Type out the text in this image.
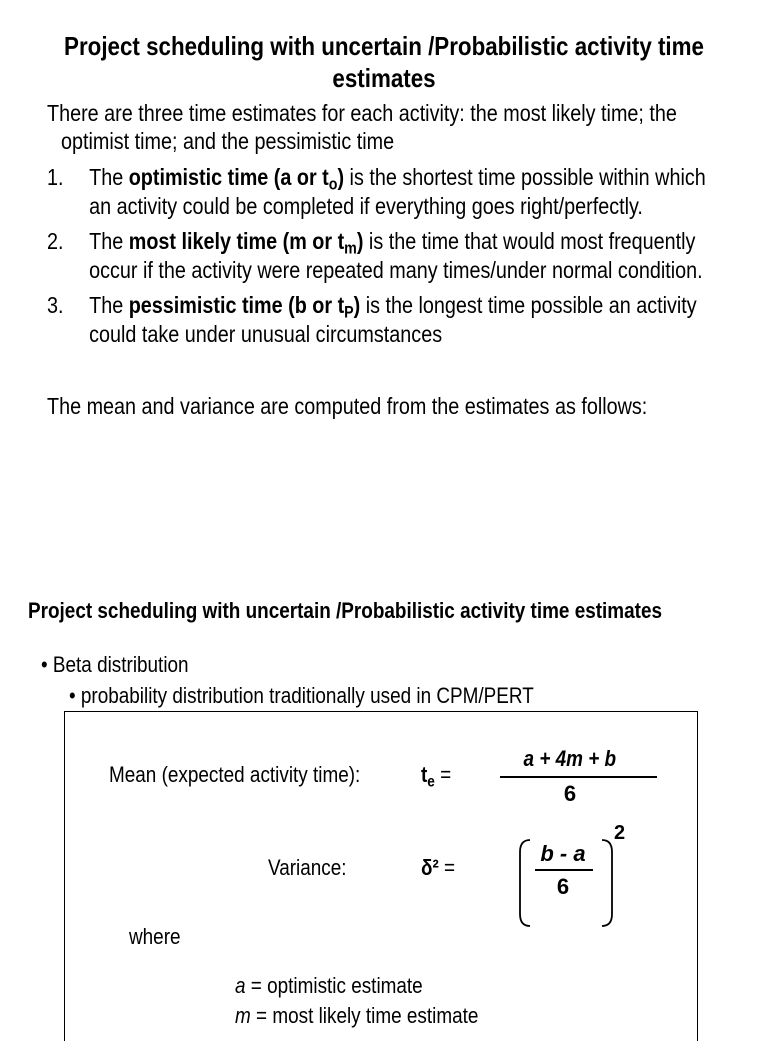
Project scheduling with uncertain /Probabilistic activity time
estimates
There are three time estimates for each activity: the most likely time; the
optimist time; and the pessimistic time
1. The optimistic time (a or $t_o$) is the shortest time possible within which
an activity could be completed if everything goes right/perfectly.
2. The most likely time (m or $t_m$) is the time that would most frequently
occur if the activity were repeated many times/under normal condition.
3. The pessimistic time (b or $t_P$) is the longest time possible an activity
could take under unusual circumstances
The mean and variance are computed from the estimates as follows:
Project scheduling with uncertain /Probabilistic activity time estimates
• Beta distribution
• probability distribution traditionally used in CPM/PERT
Mean (expected activity time):	$t_e$ =
a + 4m + b
6
Variance:	δ² =
b - a
6
2
where
a = optimistic estimate
m = most likely time estimate
